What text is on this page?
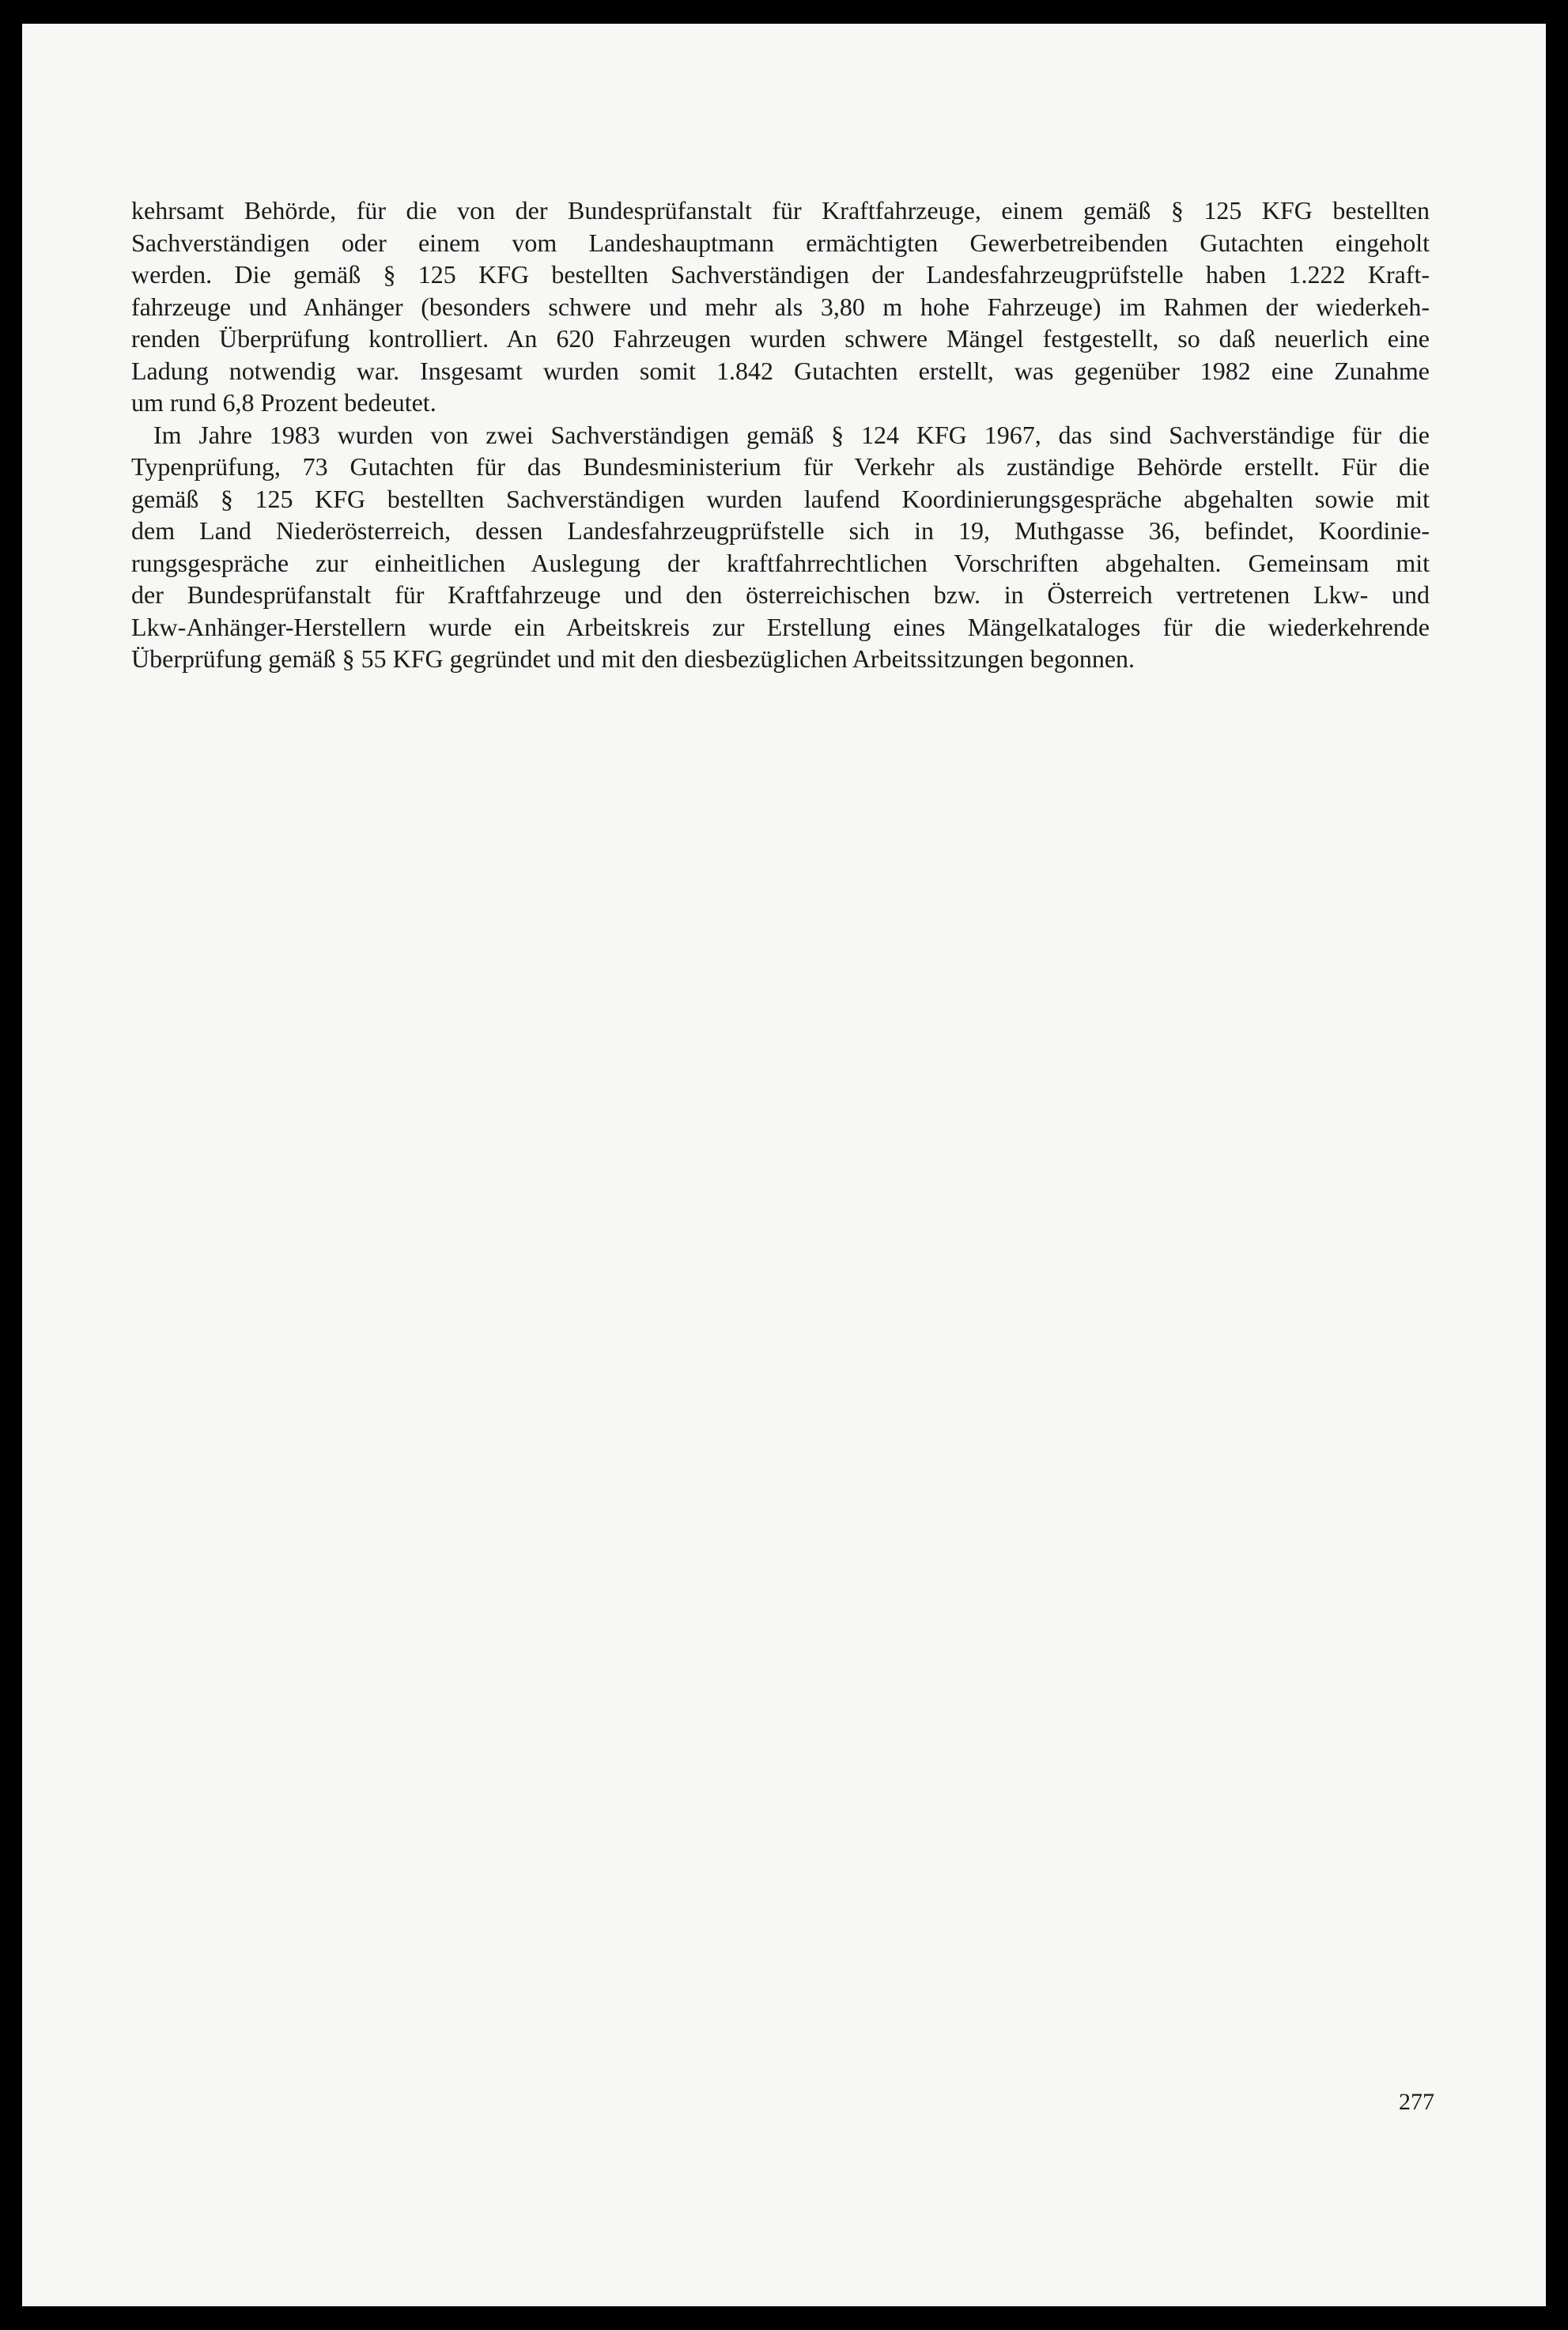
kehrsamt Behörde, für die von der Bundesprüfanstalt für Kraftfahrzeuge, einem gemäß § 125 KFG bestellten
Sachverständigen oder einem vom Landeshauptmann ermächtigten Gewerbetreibenden Gutachten eingeholt
werden. Die gemäß § 125 KFG bestellten Sachverständigen der Landesfahrzeugprüfstelle haben 1.222 Kraft-
fahrzeuge und Anhänger (besonders schwere und mehr als 3,80 m hohe Fahrzeuge) im Rahmen der wiederkeh-
renden Überprüfung kontrolliert. An 620 Fahrzeugen wurden schwere Mängel festgestellt, so daß neuerlich eine
Ladung notwendig war. Insgesamt wurden somit 1.842 Gutachten erstellt, was gegenüber 1982 eine Zunahme
um rund 6,8 Prozent bedeutet.
Im Jahre 1983 wurden von zwei Sachverständigen gemäß § 124 KFG 1967, das sind Sachverständige für die
Typenprüfung, 73 Gutachten für das Bundesministerium für Verkehr als zuständige Behörde erstellt. Für die
gemäß § 125 KFG bestellten Sachverständigen wurden laufend Koordinierungsgespräche abgehalten sowie mit
dem Land Niederösterreich, dessen Landesfahrzeugprüfstelle sich in 19, Muthgasse 36, befindet, Koordinie-
rungsgespräche zur einheitlichen Auslegung der kraftfahrrechtlichen Vorschriften abgehalten. Gemeinsam mit
der Bundesprüfanstalt für Kraftfahrzeuge und den österreichischen bzw. in Österreich vertretenen Lkw- und
Lkw-Anhänger-Herstellern wurde ein Arbeitskreis zur Erstellung eines Mängelkataloges für die wiederkehrende
Überprüfung gemäß § 55 KFG gegründet und mit den diesbezüglichen Arbeitssitzungen begonnen.
277
